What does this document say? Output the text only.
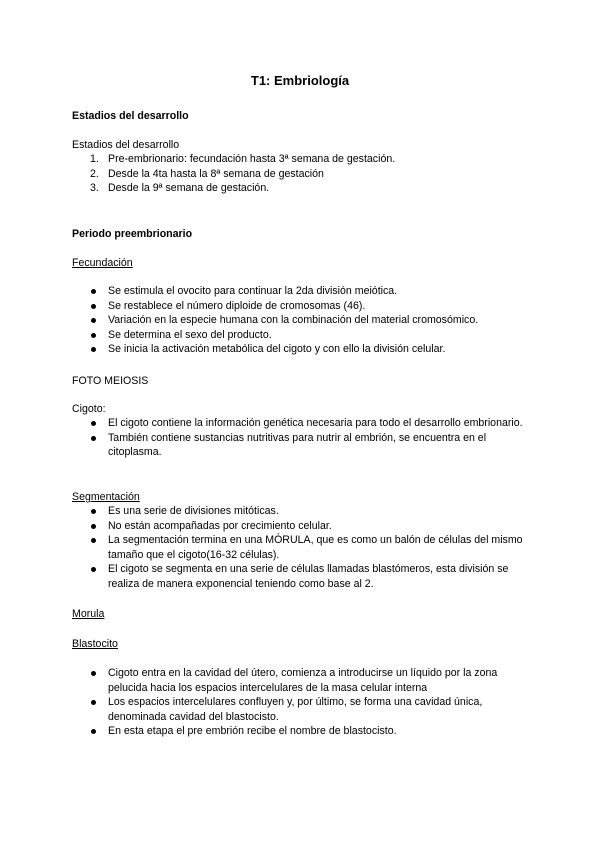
T1: Embriología
Estadios del desarrollo
Estadios del desarrollo
1. Pre-embrionario: fecundación hasta 3ª semana de gestación.
2. Desde la 4ta hasta la 8ª semana de gestación
3. Desde la 9ª semana de gestación.
Periodo preembrionario
Fecundación
Se estimula el ovocito para continuar la 2da división meiótica.
Se restablece el número diploide de cromosomas (46).
Variación en la especie humana con la combinación del material cromosómico.
Se determina el sexo del producto.
Se inicia la activación metabólica del cigoto y con ello la división celular.
FOTO MEIOSIS
Cigoto:
El cigoto contiene la información genética necesaria para todo el desarrollo embrionario.
También contiene sustancias nutritivas para nutrir al embrión, se encuentra en el citoplasma.
Segmentación
Es una serie de divisiones mitóticas.
No están acompañadas por crecimiento celular.
La segmentación termina en una MÓRULA, que es como un balón de células del mismo tamaño que el cigoto(16-32 células).
El cigoto se segmenta en una serie de células llamadas blastómeros, esta división se realiza de manera exponencial teniendo como base al 2.
Morula
Blastocito
Cigoto entra en la cavidad del útero, comienza a introducirse un líquido por la zona pelucida hacia los espacios intercelulares de la masa celular interna
Los espacios intercelulares confluyen y, por último, se forma una cavidad única, denominada cavidad del blastocisto.
En esta etapa el pre embrión recibe el nombre de blastocisto.
